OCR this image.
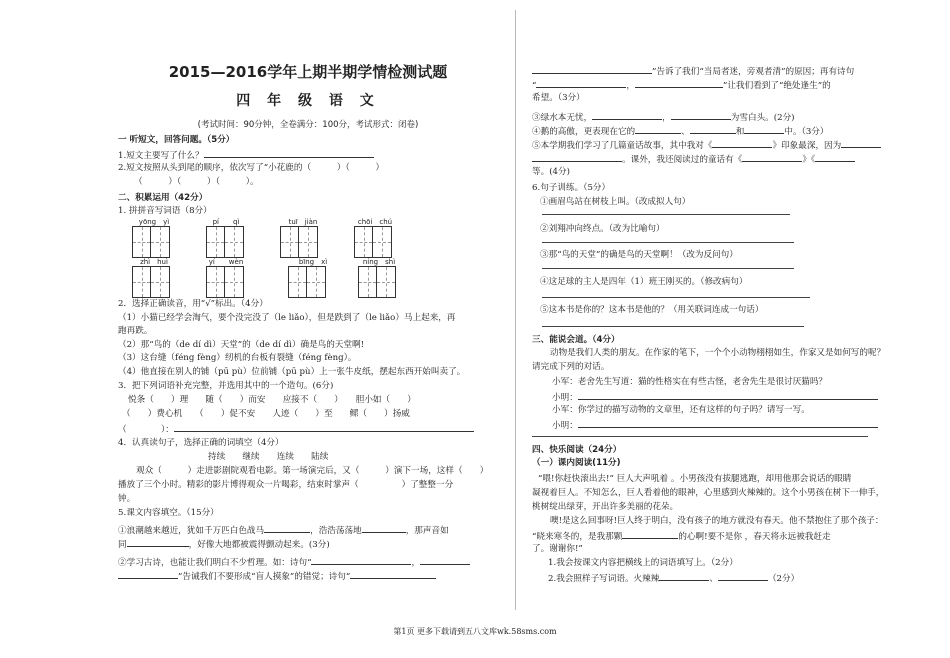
2015—2016学年上期半期学情检测试题
四 年 级 语 文
(考试时间：90分钟，全卷满分：100分，考试形式：闭卷)
一 听短文，回答问题。（5分）
1.短文主要写了什么？
2.短文按照从头到尾的顺序，依次写了“小花鹿的（　　　）（　　　）
（　　　）（　　　）（　　　）。
二、积累运用（42分）
1. 拼拼音写词语（8分）
yōng　yì	pí　　qì	tuī　jiàn	chōi　chú
zhì　huì	yí　　wèn	bīng　xì	níng　shì
2．选择正确读音，用“√”标出。（4分）
（1）小猫已经学会淘气，要个没完没了（le liǎo），但是跌到了（le liǎo）马上起来，再
跑再跌。
（2）那“鸟的（de dí dì）天堂”的（de dí dì）确是鸟的天堂啊!
（3）这台缝（féng fèng）纫机的台板有裂缝（féng fèng）。
（4）他直接在别人的铺（pū pù）位前铺（pū pù）上一张牛皮纸，摆起东西开始叫卖了。
3．把下列词语补充完整，并选用其中的一个造句。(6分)
悦条（　　）理　　随（　　）而安　　应接不（　　）　　胆小如（　　）
（　　）费心机　　（　　）促不安　　人迹（　　）至　　鳏（　　）扬威
（　　　　）：
4．认真读句子，选择正确的词填空（4分）
持续　　继续　　连续　　陆续
观众（　　　）走进影剧院观看电影。第一场演完后，又（　　　）演下一场，这样（　　）
播放了三个小时。精彩的影片博得观众一片喝彩，结束时掌声（　　　　　）了整整一分
钟。
5.课文内容填空。（15分）
①浪潮越来越近，犹如千万匹白色战马	，浩浩荡荡地	，那声音如
同	，好像大地都被震得颤动起来。(3分)
②学习古诗，也能让我们明白不少哲理。如：诗句“	，
”告诫我们不要形成“盲人摸象”的错觉；诗句“
”告诉了我们“当局者迷，旁观者清”的原因；再有诗句
“	，	”让我们看到了“绝处逢生”的
希望。（3分）
③绿水本无忧，	，	为雪白头。(2分)
④鹅的高傲，更表现在它的	、	和	中。（3分）
⑤本学期我们学习了几篇童话故事，其中我对《	》印象最深，因为
。课外，我还阅读过的童话有《	》《
等。(4分)
6.句子训练。（5分）
①画眉鸟站在树枝上叫。（改成拟人句）
②刘翔冲向终点。（改为比喻句）
③那“鸟的天堂”的确是鸟的天堂啊！（改为反问句）
④这足球的主人是四年（1）班王刚买的。（修改病句）
⑤这本书是你的？这本书是他的？（用关联词连成一句话）
三、能说会道。（4分）
动物是我们人类的朋友。在作家的笔下，一个个小动物栩栩如生，作家又是如何写的呢？
请完成下列的对话。
小军：老舍先生写道：猫的性格实在有些古怪，老舍先生是很讨厌猫吗？
小明：
小军：你学过的描写动物的文章里，还有这样的句子吗？请写一写。
小明：
四、快乐阅读（24分）
（一）课内阅读(11分)
“喂!你赶快滚出去!” 巨人大声吼着 。小男孩没有拔腿逃跑，却用他那会说话的眼睛
凝视着巨人。不知怎么，巨人看着他的眼神，心里感到火辣辣的。这个小男孩在树下一伸手，
桃树绽出绿芽，开出许多美丽的花朵。
噢!是这么回事呀!巨人终于明白，没有孩子的地方就没有春天。他不禁抱住了那个孩子：
“晓来寒冬的，是我那颗	的心啊!要不是你 ，春天将永远被我赶走
了。谢谢你!”
1.我会按课文内容把横线上的词语填写上。（2分）
2.我会照样子写词语。火辣辣	、	（2分）
第1页 更多下载请到五八文库wk.58sms.com
